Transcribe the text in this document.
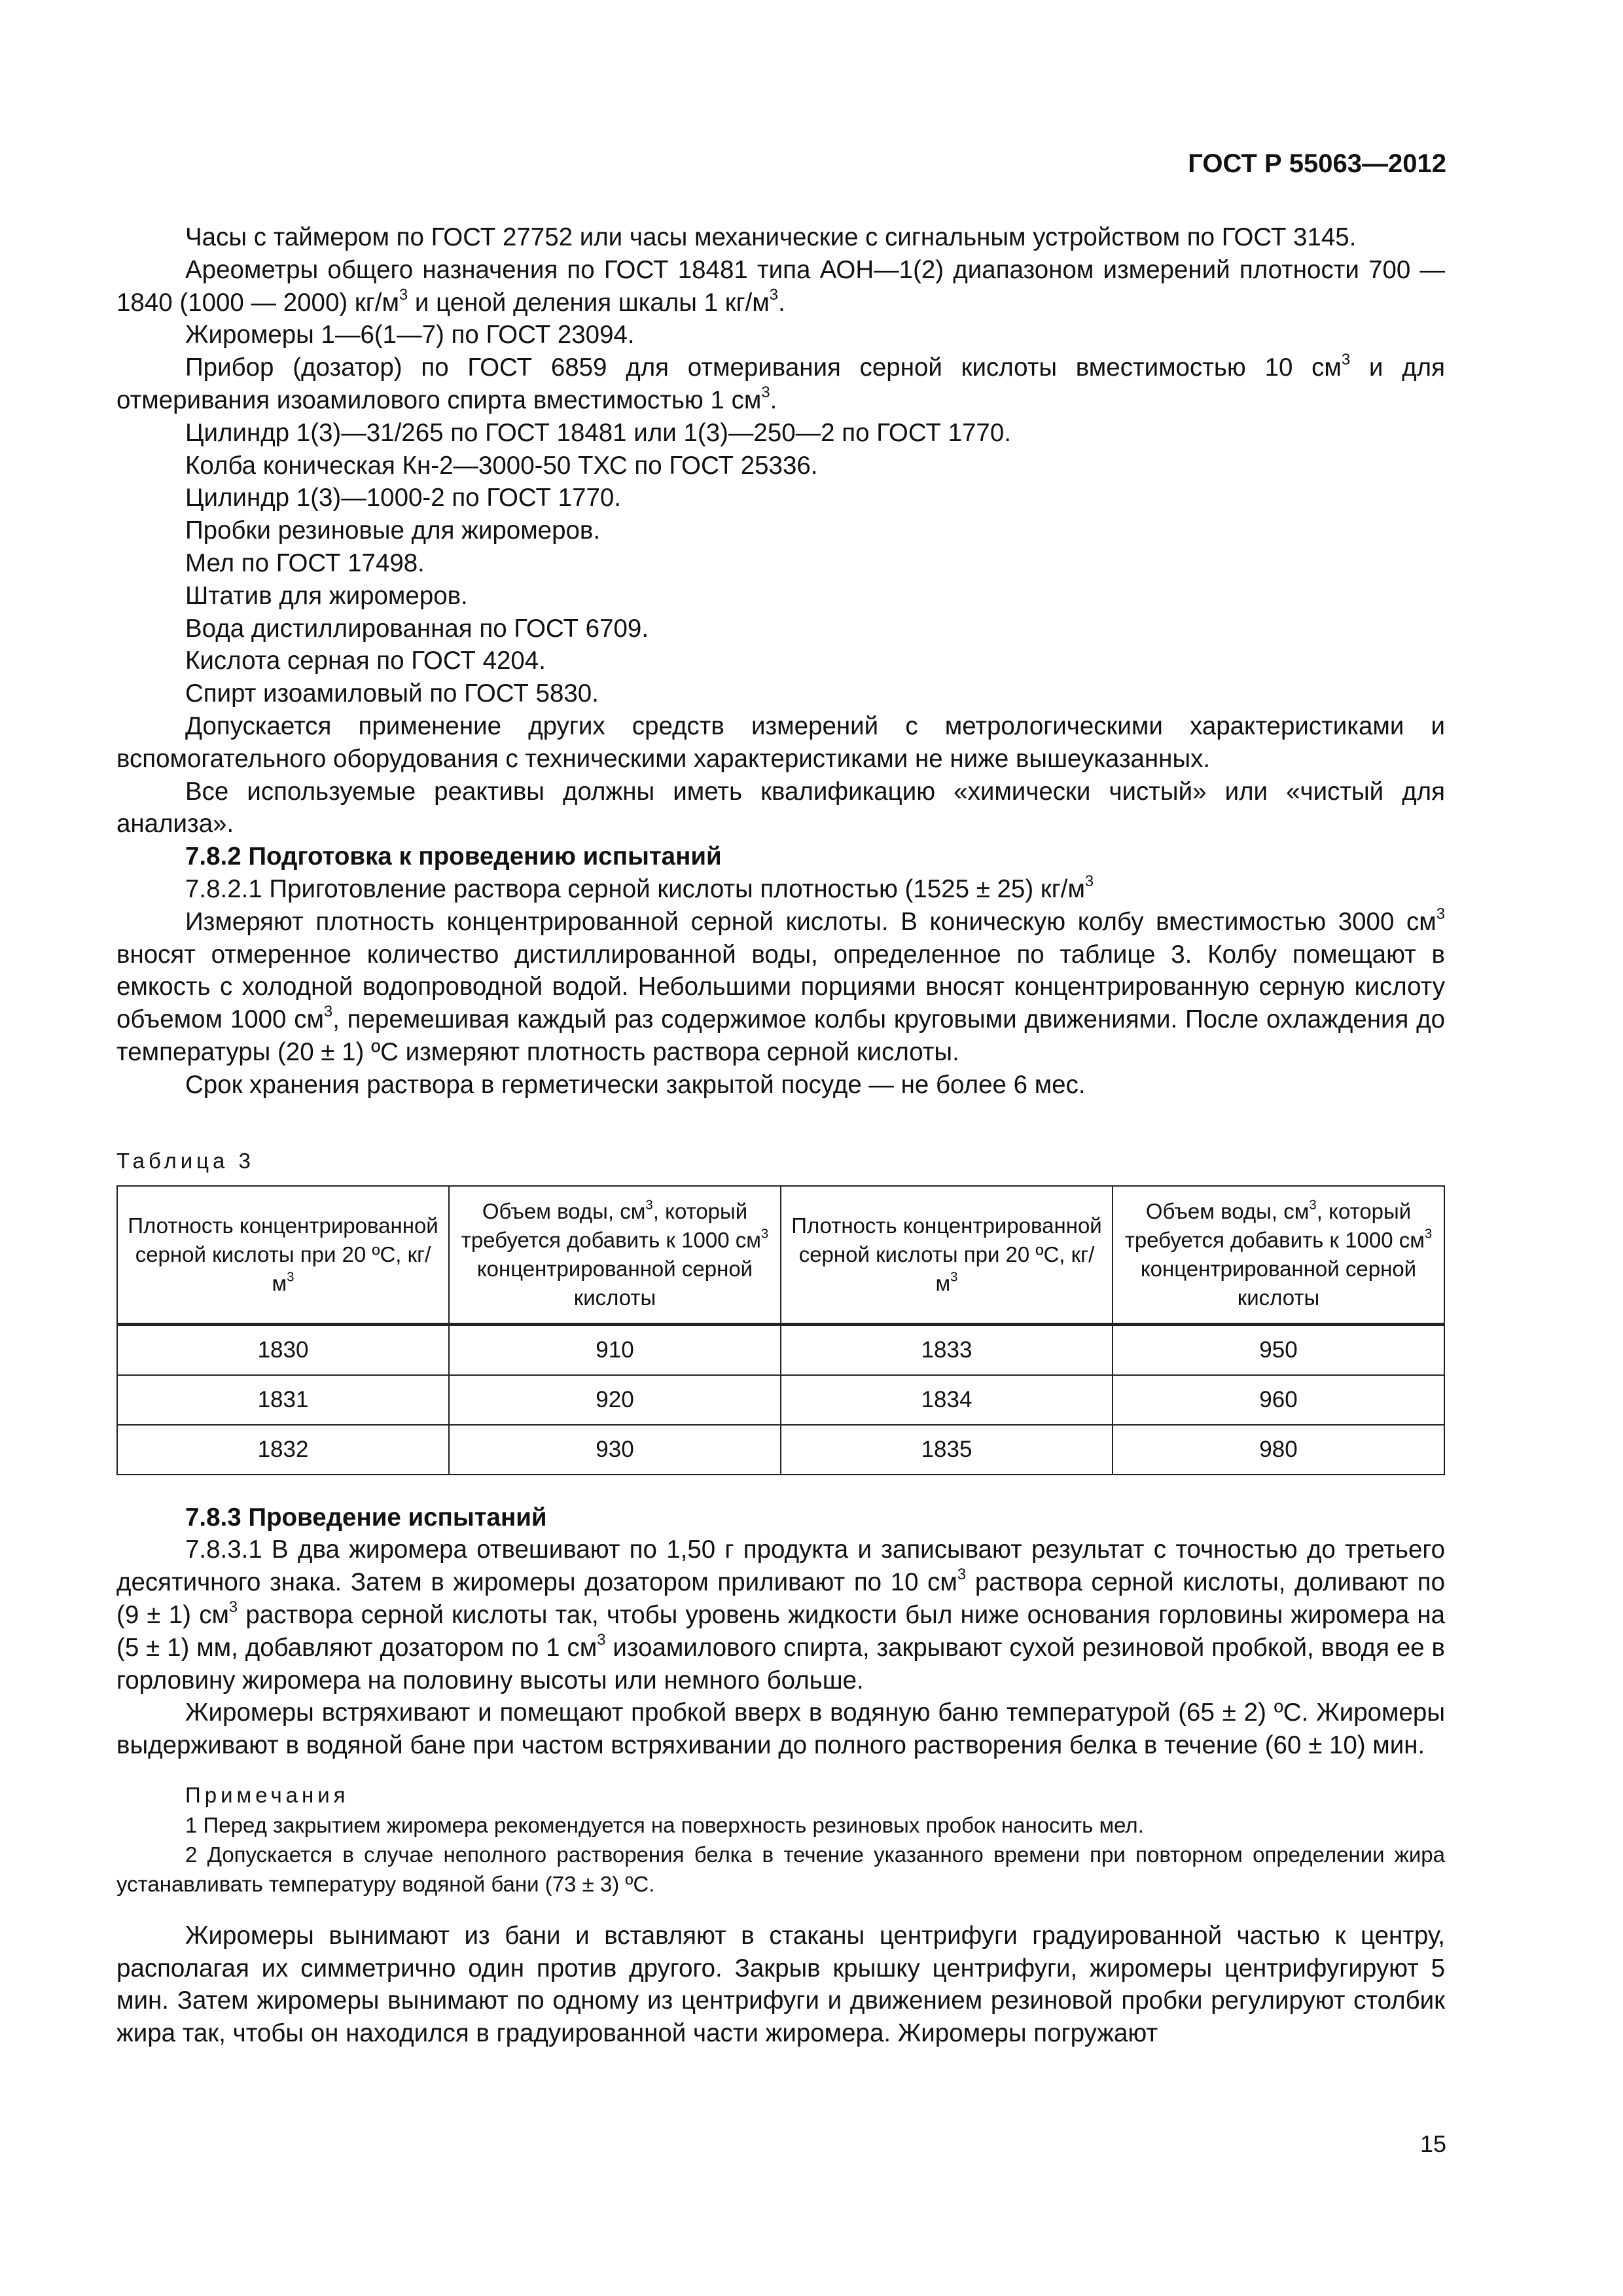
ГОСТ Р 55063—2012

Часы с таймером по ГОСТ 27752 или часы механические с сигнальным устройством по ГОСТ 3145.

Ареометры общего назначения по ГОСТ 18481 типа АОН—1(2) диапазоном измерений плотности 700 — 1840 (1000 — 2000) $кг/м^3$ и ценой деления шкалы 1 $кг/м^3$.

Жиромеры 1—6(1—7) по ГОСТ 23094.

Прибор (дозатор) по ГОСТ 6859 для отмеривания серной кислоты вместимостью 10 $см^3$ и для отмеривания изоамилового спирта вместимостью 1 $см^3$.

Цилиндр 1(3)—31/265 по ГОСТ 18481 или 1(3)—250—2 по ГОСТ 1770.

Колба коническая Кн-2—3000-50 ТХС по ГОСТ 25336.

Цилиндр 1(3)—1000-2 по ГОСТ 1770.

Пробки резиновые для жиромеров.

Мел по ГОСТ 17498.

Штатив для жиромеров.

Вода дистиллированная по ГОСТ 6709.

Кислота серная по ГОСТ 4204.

Спирт изоамиловый по ГОСТ 5830.

Допускается применение других средств измерений с метрологическими характеристиками и вспомогательного оборудования с техническими характеристиками не ниже вышеуказанных.

Все используемые реактивы должны иметь квалификацию «химически чистый» или «чистый для анализа».

7.8.2 Подготовка к проведению испытаний

7.8.2.1 Приготовление раствора серной кислоты плотностью (1525 ± 25) $кг/м^3$

Измеряют плотность концентрированной серной кислоты. В коническую колбу вместимостью 3000 $см^3$ вносят отмеренное количество дистиллированной воды, определенное по таблице 3. Колбу помещают в емкость с холодной водопроводной водой. Небольшими порциями вносят концентрированную серную кислоту объемом 1000 $см^3$, перемешивая каждый раз содержимое колбы круговыми движениями. После охлаждения до температуры (20 ± 1) ºС измеряют плотность раствора серной кислоты.

Срок хранения раствора в герметически закрытой посуде — не более 6 мес.

Таблица 3
Плотность концентрированной серной кислоты при 20 ºС, $кг/м^3$	Объем воды, $см^3$, который требуется добавить к 1000 $см^3$ концентрированной серной кислоты	Плотность концентрированной серной кислоты при 20 ºС, $кг/м^3$	Объем воды, $см^3$, который требуется добавить к 1000 $см^3$ концентрированной серной кислоты
1830	910	1833	950
1831	920	1834	960
1832	930	1835	980

7.8.3 Проведение испытаний

7.8.3.1 В два жиромера отвешивают по 1,50 г продукта и записывают результат с точностью до третьего десятичного знака. Затем в жиромеры дозатором приливают по 10 $см^3$ раствора серной кислоты, доливают по (9 ± 1) $см^3$ раствора серной кислоты так, чтобы уровень жидкости был ниже основания горловины жиромера на (5 ± 1) мм, добавляют дозатором по 1 $см^3$ изоамилового спирта, закрывают сухой резиновой пробкой, вводя ее в горловину жиромера на половину высоты или немного больше.

Жиромеры встряхивают и помещают пробкой вверх в водяную баню температурой (65 ± 2) ºС. Жиромеры выдерживают в водяной бане при частом встряхивании до полного растворения белка в течение (60 ± 10) мин.

Примечания

1 Перед закрытием жиромера рекомендуется на поверхность резиновых пробок наносить мел.

2 Допускается в случае неполного растворения белка в течение указанного времени при повторном определении жира устанавливать температуру водяной бани (73 ± 3) ºС.

Жиромеры вынимают из бани и вставляют в стаканы центрифуги градуированной частью к центру, располагая их симметрично один против другого. Закрыв крышку центрифуги, жиромеры центрифугируют 5 мин. Затем жиромеры вынимают по одному из центрифуги и движением резиновой пробки регулируют столбик жира так, чтобы он находился в градуированной части жиромера. Жиромеры погружают

15
